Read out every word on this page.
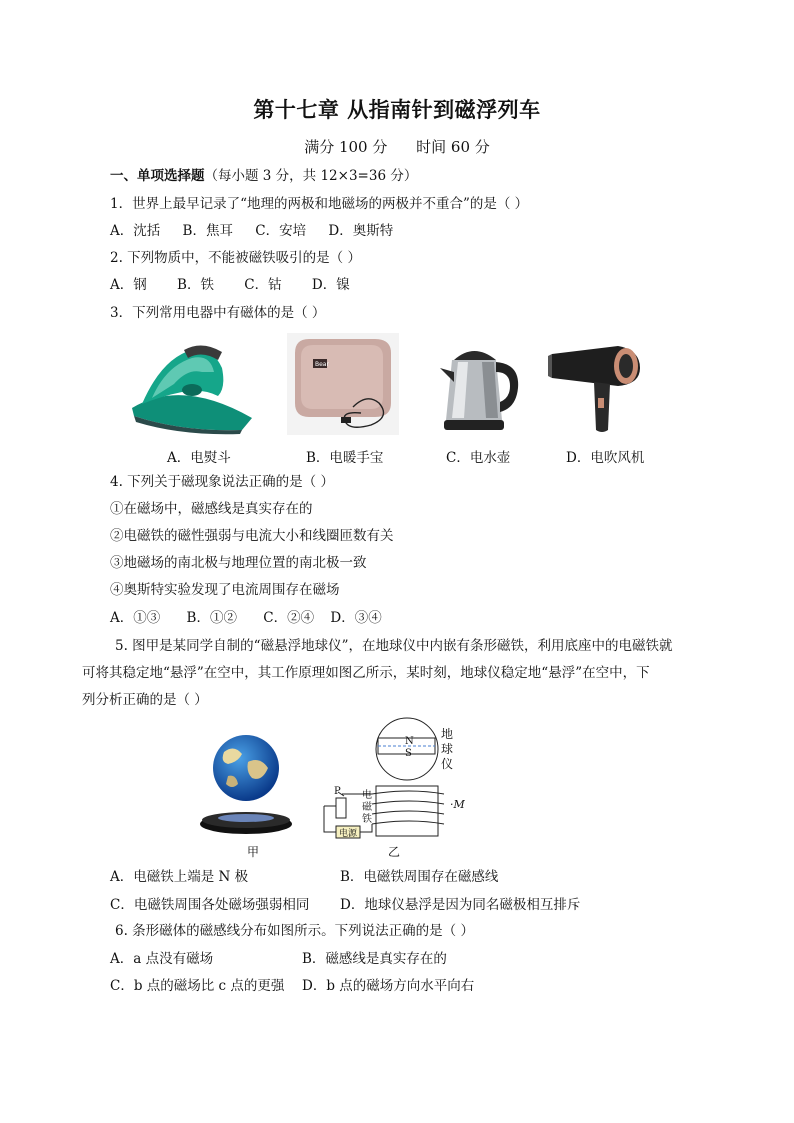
第十七章 从指南针到磁浮列车
满分 100 分 时间 60 分
一、单项选择题（每小题 3 分，共 12×3=36 分）
1．世界上最早记录了“地理的两极和地磁场的两极并不重合”的是（ ）
A．沈括 B．焦耳 C．安培 D．奥斯特
2. 下列物质中，不能被磁铁吸引的是（ ）
A．钢 B．铁 C．钴 D．镍
3．下列常用电器中有磁体的是（ ）
Bear
A．电熨斗	B．电暖手宝	C．电水壶	D．电吹风机
4. 下列关于磁现象说法正确的是（ ）
①在磁场中，磁感线是真实存在的
②电磁铁的磁性强弱与电流大小和线圈匝数有关
③地磁场的南北极与地理位置的南北极一致
④奥斯特实验发现了电流周围存在磁场
A．①③ B．①② C．②④ D．③④
5. 图甲是某同学自制的“磁悬浮地球仪”，在地球仪中内嵌有条形磁铁，利用底座中的电磁铁就
可将其稳定地“悬浮”在空中，其工作原理如图乙所示，某时刻，地球仪稳定地“悬浮”在空中，下
列分析正确的是（ ）
甲
N
S
地
球
仪
P 电
磁
铁
电源
·M
乙
A．电磁铁上端是 N 极	B．电磁铁周围存在磁感线
C．电磁铁周围各处磁场强弱相同 D．地球仪悬浮是因为同名磁极相互排斥
6. 条形磁体的磁感线分布如图所示。下列说法正确的是（ ）
A．a 点没有磁场	B．磁感线是真实存在的
C．b 点的磁场比 c 点的更强 D．b 点的磁场方向水平向右
